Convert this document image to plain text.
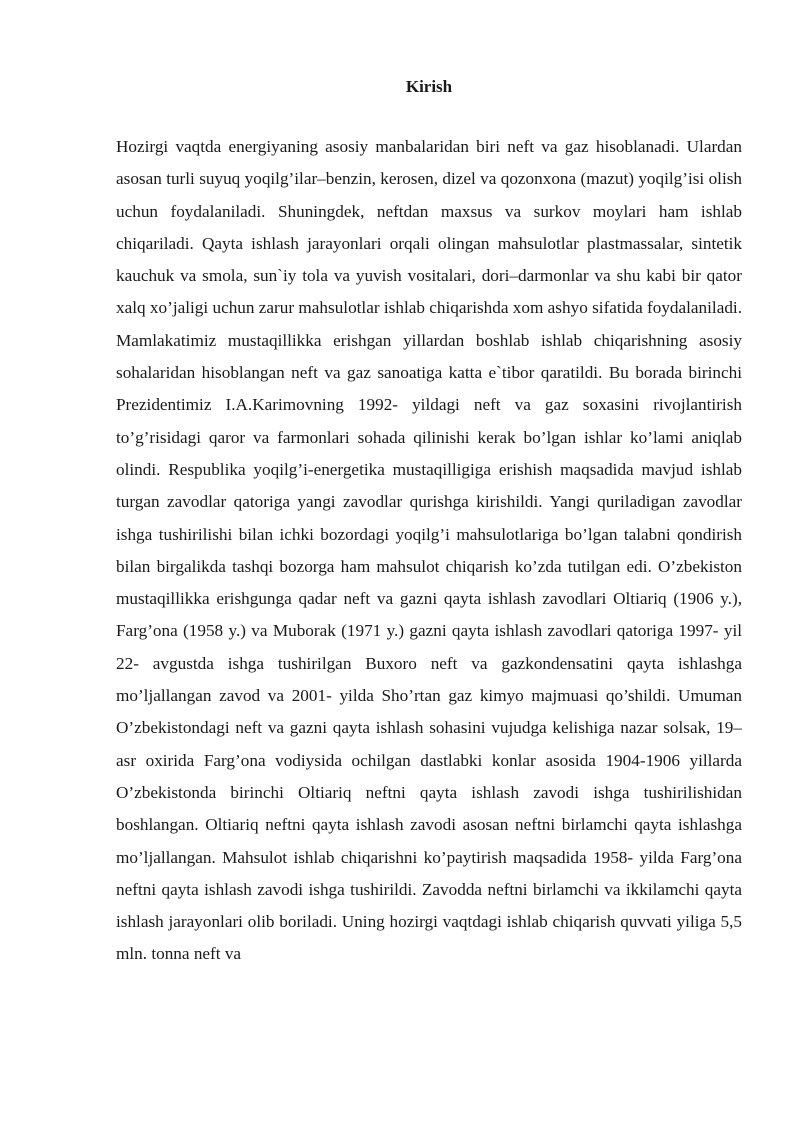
Kirish

Hozirgi vaqtda energiyaning asosiy manbalaridan biri neft va gaz hisoblanadi. Ulardan asosan turli suyuq yoqilg’ilar–benzin, kerosen, dizel va qozonxona (mazut) yoqilg’isi olish uchun foydalaniladi. Shuningdek, neftdan maxsus va surkov moylari ham ishlab chiqariladi. Qayta ishlash jarayonlari orqali olingan mahsulotlar plastmassalar, sintetik kauchuk va smola, sun`iy tola va yuvish vositalari, dori–darmonlar va shu kabi bir qator xalq xo’jaligi uchun zarur mahsulotlar ishlab chiqarishda xom ashyo sifatida foydalaniladi. Mamlakatimiz mustaqillikka erishgan yillardan boshlab ishlab chiqarishning asosiy sohalaridan hisoblangan neft va gaz sanoatiga katta e`tibor qaratildi. Bu borada birinchi Prezidentimiz I.A.Karimovning 1992- yildagi neft va gaz soxasini rivojlantirish to’g’risidagi qaror va farmonlari sohada qilinishi kerak bo’lgan ishlar ko’lami aniqlab olindi. Respublika yoqilg’i-energetika mustaqilligiga erishish maqsadida mavjud ishlab turgan zavodlar qatoriga yangi zavodlar qurishga kirishildi. Yangi quriladigan zavodlar ishga tushirilishi bilan ichki bozordagi yoqilg’i mahsulotlariga bo’lgan talabni qondirish bilan birgalikda tashqi bozorga ham mahsulot chiqarish ko’zda tutilgan edi. O’zbekiston mustaqillikka erishgunga qadar neft va gazni qayta ishlash zavodlari Oltiariq (1906 y.), Farg’ona (1958 y.) va Muborak (1971 y.) gazni qayta ishlash zavodlari qatoriga 1997- yil 22- avgustda ishga tushirilgan Buxoro neft va gazkondensatini qayta ishlashga mo’ljallangan zavod va 2001- yilda Sho’rtan gaz kimyo majmuasi qo’shildi. Umuman O’zbekistondagi neft va gazni qayta ishlash sohasini vujudga kelishiga nazar solsak, 19–asr oxirida Farg’ona vodiysida ochilgan dastlabki konlar asosida 1904-1906 yillarda O’zbekistonda birinchi Oltiariq neftni qayta ishlash zavodi ishga tushirilishidan boshlangan. Oltiariq neftni qayta ishlash zavodi asosan neftni birlamchi qayta ishlashga mo’ljallangan. Mahsulot ishlab chiqarishni ko’paytirish maqsadida 1958- yilda Farg’ona neftni qayta ishlash zavodi ishga tushirildi. Zavodda neftni birlamchi va ikkilamchi qayta ishlash jarayonlari olib boriladi. Uning hozirgi vaqtdagi ishlab chiqarish quvvati yiliga 5,5 mln. tonna neft va
